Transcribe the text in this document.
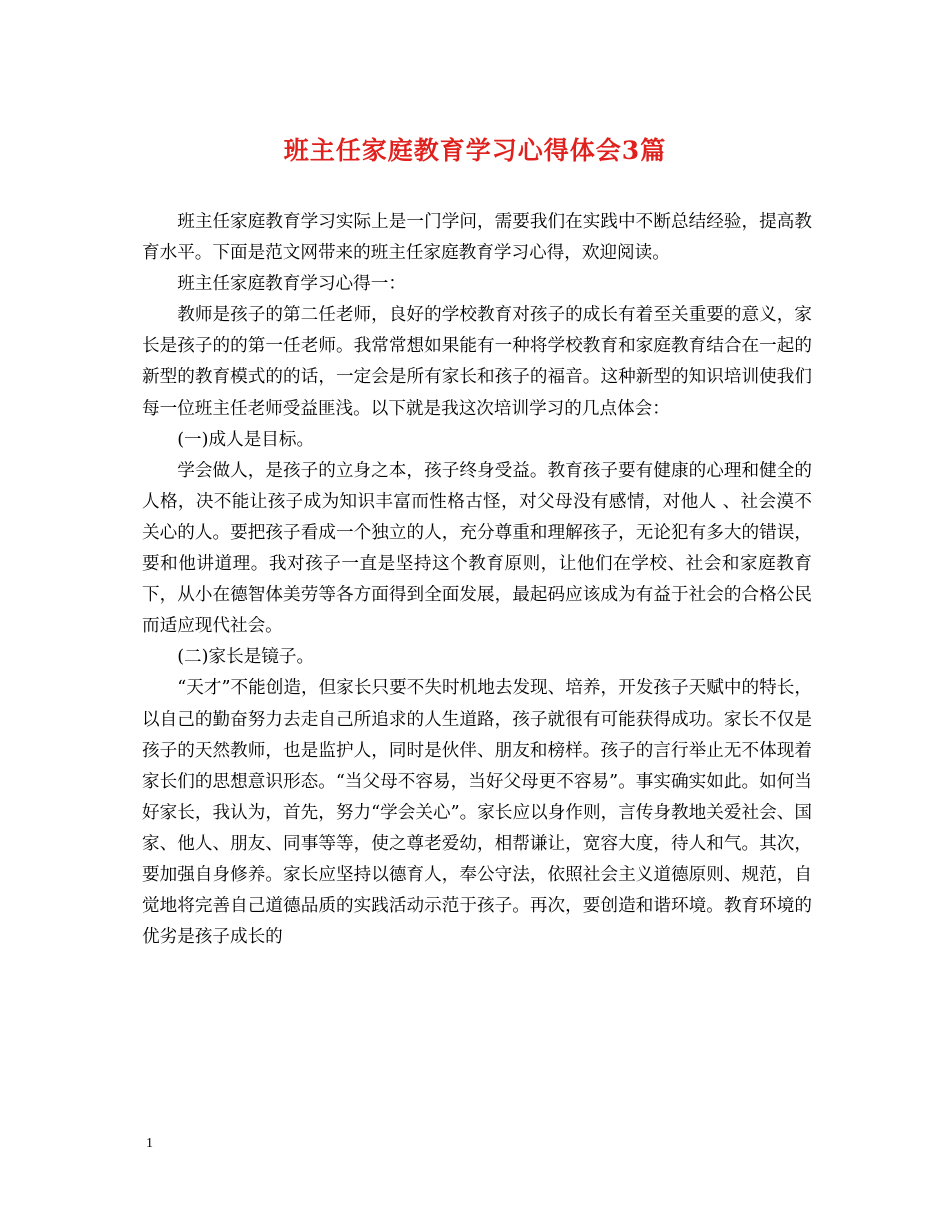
班主任家庭教育学习心得体会3篇

班主任家庭教育学习实际上是一门学问，需要我们在实践中不断总结经验，提高教育水平。下面是范文网带来的班主任家庭教育学习心得，欢迎阅读。

班主任家庭教育学习心得一：

教师是孩子的第二任老师，良好的学校教育对孩子的成长有着至关重要的意义，家长是孩子的的第一任老师。我常常想如果能有一种将学校教育和家庭教育结合在一起的新型的教育模式的的话，一定会是所有家长和孩子的福音。这种新型的知识培训使我们每一位班主任老师受益匪浅。以下就是我这次培训学习的几点体会：

(一)成人是目标。

学会做人，是孩子的立身之本，孩子终身受益。教育孩子要有健康的心理和健全的人格，决不能让孩子成为知识丰富而性格古怪，对父母没有感情，对他人 、社会漠不关心的人。要把孩子看成一个独立的人，充分尊重和理解孩子，无论犯有多大的错误，要和他讲道理。我对孩子一直是坚持这个教育原则，让他们在学校、社会和家庭教育下，从小在德智体美劳等各方面得到全面发展，最起码应该成为有益于社会的合格公民而适应现代社会。

(二)家长是镜子。

“天才”不能创造，但家长只要不失时机地去发现、培养，开发孩子天赋中的特长，以自己的勤奋努力去走自己所追求的人生道路，孩子就很有可能获得成功。家长不仅是孩子的天然教师，也是监护人，同时是伙伴、朋友和榜样。孩子的言行举止无不体现着家长们的思想意识形态。“当父母不容易，当好父母更不容易”。事实确实如此。如何当好家长，我认为，首先，努力“学会关心”。家长应以身作则，言传身教地关爱社会、国家、他人、朋友、同事等等，使之尊老爱幼，相帮谦让，宽容大度，待人和气。其次，要加强自身修养。家长应坚持以德育人，奉公守法，依照社会主义道德原则、规范，自觉地将完善自己道德品质的实践活动示范于孩子。再次，要创造和谐环境。教育环境的优劣是孩子成长的

1
